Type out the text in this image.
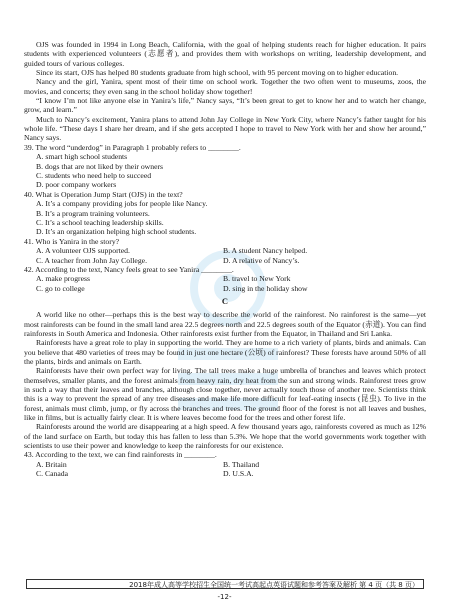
OJS was founded in 1994 in Long Beach, California, with the goal of helping students reach for higher education. It pairs students with experienced volunteers (志愿者), and provides them with workshops on writing, leadership development, and guided tours of various colleges.

Since its start, OJS has helped 80 students graduate from high school, with 95 percent moving on to higher education.

Nancy and the girl, Yanira, spent most of their time on school work. Together the two often went to museums, zoos, the movies, and concerts; they even sang in the school holiday show together!

“I know I’m not like anyone else in Yanira’s life,” Nancy says, “It’s been great to get to know her and to watch her change, grow, and learn.”

Much to Nancy’s excitement, Yanira plans to attend John Jay College in New York City, where Nancy’s father taught for his whole life. “These days I share her dream, and if she gets accepted I hope to travel to New York with her and show her around,” Nancy says.

39. The word “underdog” in Paragraph 1 probably refers to ________.

A. smart high school students
B. dogs that are not liked by their owners
C. students who need help to succeed
D. poor company workers

40. What is Operation Jump Start (OJS) in the text?

A. It’s a company providing jobs for people like Nancy.
B. It’s a program training volunteers.
C. It’s a school teaching leadership skills.
D. It’s an organization helping high school students.

41. Who is Yanira in the story?

A. A volunteer OJS supported.	B. A student Nancy helped.
C. A teacher from John Jay College.	D. A relative of Nancy’s.

42. According to the text, Nancy feels great to see Yanira ________.

A. make progress	B. travel to New York
C. go to college	D. sing in the holiday show
C

A world like no other—perhaps this is the best way to describe the world of the rainforest. No rainforest is the same—yet most rainforests can be found in the small land area 22.5 degrees north and 22.5 degrees south of the Equator (赤道). You can find rainforests in South America and Indonesia. Other rainforests exist further from the Equator, in Thailand and Sri Lanka.

Rainforests have a great role to play in supporting the world. They are home to a rich variety of plants, birds and animals. Can you believe that 480 varieties of trees may be found in just one hectare (公顷) of rainforest? These forests have around 50% of all the plants, birds and animals on Earth.

Rainforests have their own perfect way for living. The tall trees make a huge umbrella of branches and leaves which protect themselves, smaller plants, and the forest animals from heavy rain, dry heat from the sun and strong winds. Rainforest trees grow in such a way that their leaves and branches, although close together, never actually touch those of another tree. Scientists think this is a way to prevent the spread of any tree diseases and make life more difficult for leaf-eating insects (昆虫). To live in the forest, animals must climb, jump, or fly across the branches and trees. The ground floor of the forest is not all leaves and bushes, like in films, but is actually fairly clear. It is where leaves become food for the trees and other forest life.

Rainforests around the world are disappearing at a high speed. A few thousand years ago, rainforests covered as much as 12% of the land surface on Earth, but today this has fallen to less than 5.3%. We hope that the world governments work together with scientists to use their power and knowledge to keep the rainforests for our existence.

43. According to the text, we can find rainforests in ________.

A. Britain	B. Thailand
C. Canada	D. U.S.A.
2018年成人高等学校招生全国统一考试高起点英语试题和参考答案及解析 第 4 页（共 8 页）
-12-
